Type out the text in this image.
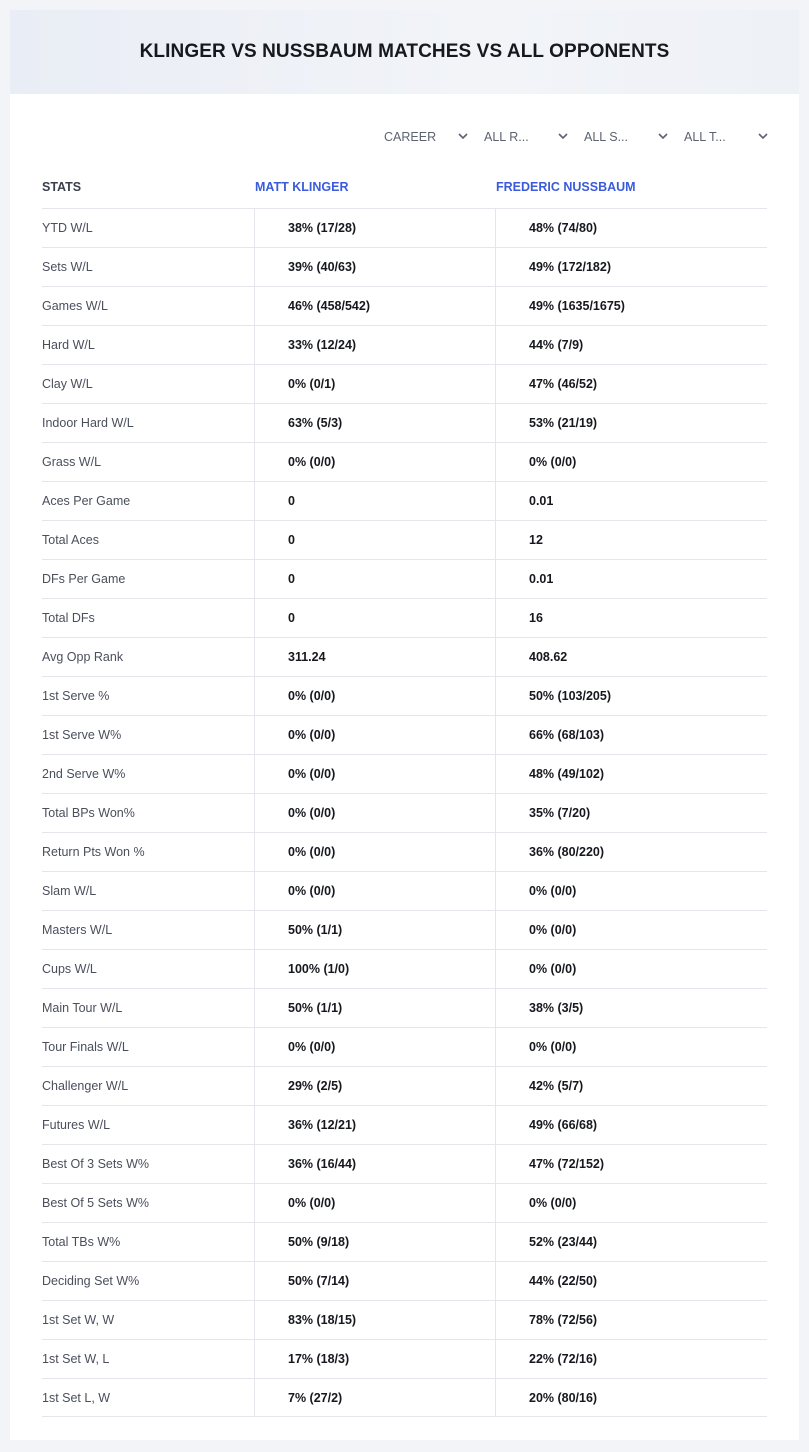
KLINGER VS NUSSBAUM MATCHES VS ALL OPPONENTS
CAREER	ALL R...	ALL S...	ALL T...
STATS	MATT KLINGER	FREDERIC NUSSBAUM
YTD W/L	38% (17/28)	48% (74/80)
Sets W/L	39% (40/63)	49% (172/182)
Games W/L	46% (458/542)	49% (1635/1675)
Hard W/L	33% (12/24)	44% (7/9)
Clay W/L	0% (0/1)	47% (46/52)
Indoor Hard W/L	63% (5/3)	53% (21/19)
Grass W/L	0% (0/0)	0% (0/0)
Aces Per Game	0	0.01
Total Aces	0	12
DFs Per Game	0	0.01
Total DFs	0	16
Avg Opp Rank	311.24	408.62
1st Serve %	0% (0/0)	50% (103/205)
1st Serve W%	0% (0/0)	66% (68/103)
2nd Serve W%	0% (0/0)	48% (49/102)
Total BPs Won%	0% (0/0)	35% (7/20)
Return Pts Won %	0% (0/0)	36% (80/220)
Slam W/L	0% (0/0)	0% (0/0)
Masters W/L	50% (1/1)	0% (0/0)
Cups W/L	100% (1/0)	0% (0/0)
Main Tour W/L	50% (1/1)	38% (3/5)
Tour Finals W/L	0% (0/0)	0% (0/0)
Challenger W/L	29% (2/5)	42% (5/7)
Futures W/L	36% (12/21)	49% (66/68)
Best Of 3 Sets W%	36% (16/44)	47% (72/152)
Best Of 5 Sets W%	0% (0/0)	0% (0/0)
Total TBs W%	50% (9/18)	52% (23/44)
Deciding Set W%	50% (7/14)	44% (22/50)
1st Set W, W	83% (18/15)	78% (72/56)
1st Set W, L	17% (18/3)	22% (72/16)
1st Set L, W	7% (27/2)	20% (80/16)
